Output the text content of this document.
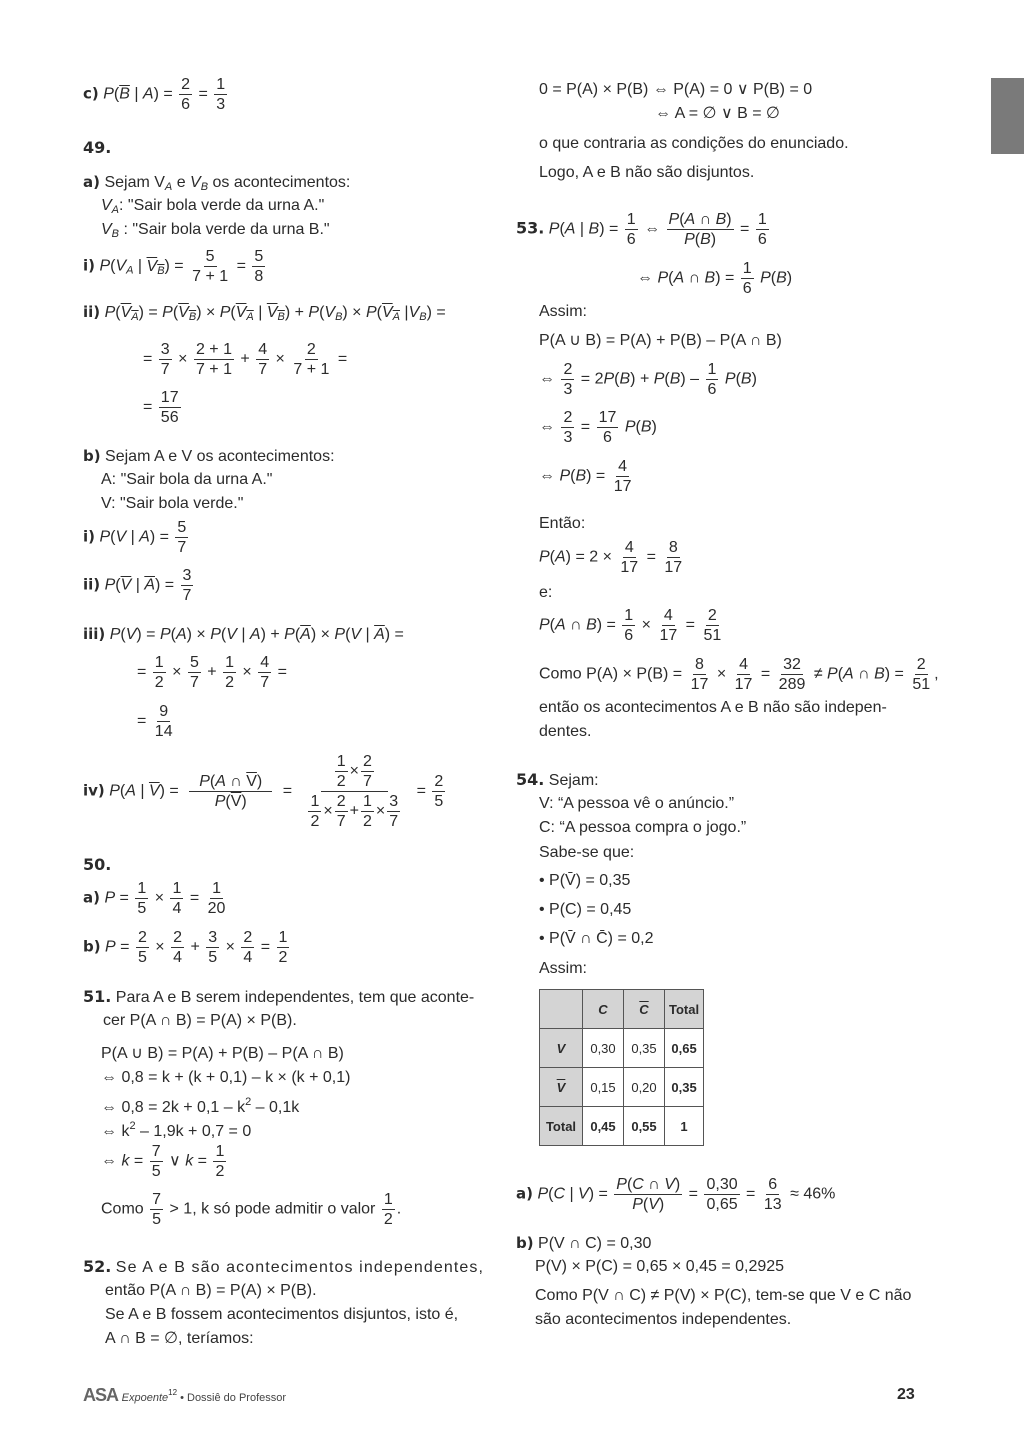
c) $P(\overline{B}$ | $A) = \frac{2}{6} = \frac{1}{3}$
49.
a) Sejam $V_A$ e $V_B$ os acontecimentos:
$V_A$: "Sair bola verde da urna A."
$V_B$ : "Sair bola verde da urna B."
i) $P(V_A$ | $V_B) = \frac{5}{7 + 1} = \frac{5}{8}$
ii) $P(V_A) = P(V_B) \times P(V_A$ | $V_B) + P(V_B) \times P(V_A$ $|V_B$) =
= $\frac{3}{7} \times \frac{2 + 1}{7 + 1} + \frac{4}{7} \times \frac{2}{7 + 1}$ =
= $\frac{17}{56}$
b) Sejam A e V os acontecimentos:
A: "Sair bola da urna A."
V: "Sair bola verde."
i) P(V | $A) = \frac{5}{7}$
ii) $P(\overline{V}$ | $\overline{A}) = \frac{3}{7}$
iii) P(V) = P(A) × P(V | $A) + P(\overline{A}) \times P(V$ | $\overline{A}$) =
= $\frac{1}{2} \times \frac{5}{7} + \frac{1}{2} \times \frac{4}{7}$ =
= $\frac{9}{14}$
iv) P(A | $\overline{V}) = \frac{P(A \cap \overline{V})}{P(\overline{V})} = \frac{\frac{1}{2} \times \frac{2}{7}}{\frac{1}{2} \times \frac{2}{7} + \frac{1}{2} \times \frac{3}{7}} = \frac{2}{5}$
50.
a) $P = \frac{1}{5} \times \frac{1}{4} = \frac{1}{20}$
b) $P = \frac{2}{5} \times \frac{2}{4} + \frac{3}{5} \times \frac{2}{4} = \frac{1}{2}$
51. Para A e B serem independentes, tem que aconte-
cer P(A ∩ B) = P(A) × P(B).
P(A ∪ B) = P(A) + P(B) – P(A ∩ B)
⇔ 0,8 = k + (k + 0,1) – k × (k + 0,1)
⇔ $0,8 = 2k + 0,1 - k^2 - 0,1k$
⇔ $k^2 - 1,9k + 0,7 = 0$
⇔ $k = \frac{7}{5}$ ∨ $k = \frac{1}{2}$
Como $\frac{7}{5} > 1$, k só pode admitir o valor $\frac{1}{2}$ .
52. Se A e B são acontecimentos independentes,
então P(A ∩ B) = P(A) × P(B).
Se A e B fossem acontecimentos disjuntos, isto é,
A ∩ B = ∅, teríamos:
0 = P(A) × P(B) ⇔ P(A) = 0 ∨ P(B) = 0
⇔ A = ∅ ∨ B = ∅
o que contraria as condições do enunciado.
Logo, A e B não são disjuntos.
53. P(A | $B) = \frac{1}{6}$ ⇔ $\frac{P(A \cap B)}{P(B)} = \frac{1}{6}$
⇔ P(A ∩ $B) = \frac{1}{6} P(B)$
Assim:
P(A ∪ B) = P(A) + P(B) – P(A ∩ B)
⇔ $\frac{2}{3} = 2P(B) + P(B) - \frac{1}{6} P(B)$
⇔ $\frac{2}{3} = \frac{17}{6} P(B)$
⇔ $P(B) = \frac{4}{17}$
Então:
$P(A) = 2 \times \frac{4}{17} = \frac{8}{17}$
e:
P(A ∩ $B) = \frac{1}{6} \times \frac{4}{17} = \frac{2}{51}$
Como $P(A) \times P(B) = \frac{8}{17} \times \frac{4}{17} = \frac{32}{289} \ne P(A$ ∩ $B) = \frac{2}{51}$ ,
então os acontecimentos A e B não são indepen-
dentes.
54. Sejam:
V: “A pessoa vê o anúncio.”
C: “A pessoa compra o jogo.”
Sabe-se que:
• P(V̄) = 0,35
• P(C) = 0,45
• P(V̄ ∩ C̄) = 0,2
Assim:
	C	$\overline{C}$	Total
V	0,30	0,35	0,65
$\overline{V}$	0,15	0,20	0,35
Total	0,45	0,55	1
a) P(C | $V) = \frac{P(C \cap V)}{P(V)} = \frac{0,30}{0,65} = \frac{6}{13} \approx 46\%$
b) P(V ∩ C) = 0,30
P(V) × P(C) = 0,65 × 0,45 = 0,2925
Como P(V ∩ C) ≠ P(V) × P(C), tem-se que V e C não
são acontecimentos independentes.
ASA Expoente$^{12}$ • Dossiê do Professor	23
